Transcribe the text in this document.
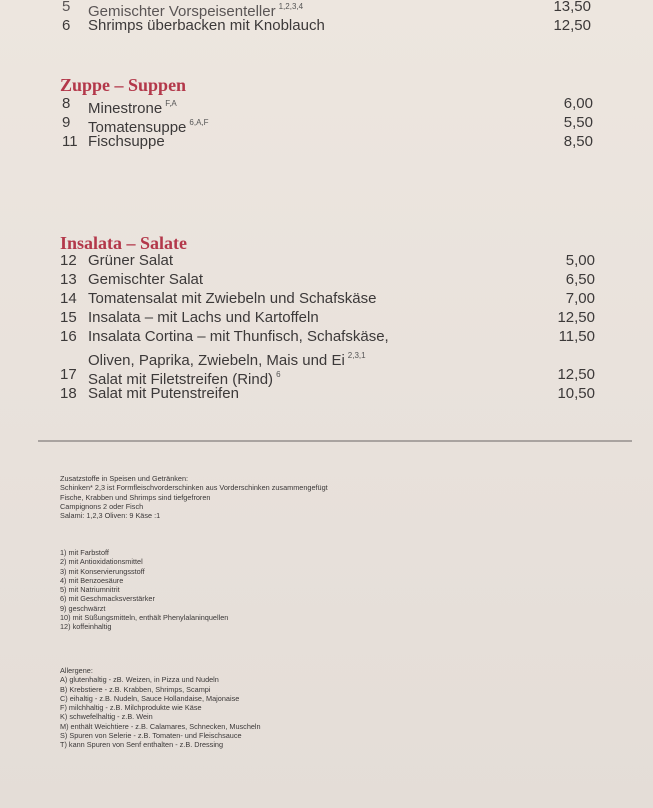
5 Gemischter Vorspeisenteller $^{1,2,3,4}$	13,50
6 Shrimps überbacken mit Knoblauch	12,50
Zuppe – Suppen
8 Minestrone $^{F,A}$	6,00
9 Tomatensuppe $^{6,A,F}$	5,50
11 Fischsuppe	8,50
Insalata – Salate
12 Grüner Salat	5,00
13 Gemischter Salat	6,50
14 Tomatensalat mit Zwiebeln und Schafskäse	7,00
15 Insalata – mit Lachs und Kartoffeln	12,50
16 Insalata Cortina – mit Thunfisch, Schafskäse,	11,50
Oliven, Paprika, Zwiebeln, Mais und Ei $^{2,3,1}$
17 Salat mit Filetstreifen (Rind) $^6$	12,50
18 Salat mit Putenstreifen	10,50
Zusatzstoffe in Speisen und Getränken:
Schinken* 2,3 ist Formfleischvorderschinken aus Vorderschinken zusammengefügt
Fische, Krabben und Shrimps sind tiefgefroren
Campignons 2 oder Fisch
Salami: 1,2,3 Oliven: 9 Käse :1
1) mit Farbstoff
2) mit Antioxidationsmittel
3) mit Konservierungsstoff
4) mit Benzoesäure
5) mit Natriumnitrit
6) mit Geschmacksverstärker
9) geschwärzt
10) mit Süßungsmitteln, enthält Phenylalaninquellen
12) koffeinhaltig
Allergene:
A) glutenhaltig - zB. Weizen, in Pizza und Nudeln
B) Krebstiere - z.B. Krabben, Shrimps, Scampi
C) eihaltig - z.B. Nudeln, Sauce Hollandaise, Majonaise
F) milchhaltig - z.B. Milchprodukte wie Käse
K) schwefelhaltig - z.B. Wein
M) enthält Weichtiere - z.B. Calamares, Schnecken, Muscheln
S) Spuren von Selerie - z.B. Tomaten- und Fleischsauce
T) kann Spuren von Senf enthalten - z.B. Dressing
